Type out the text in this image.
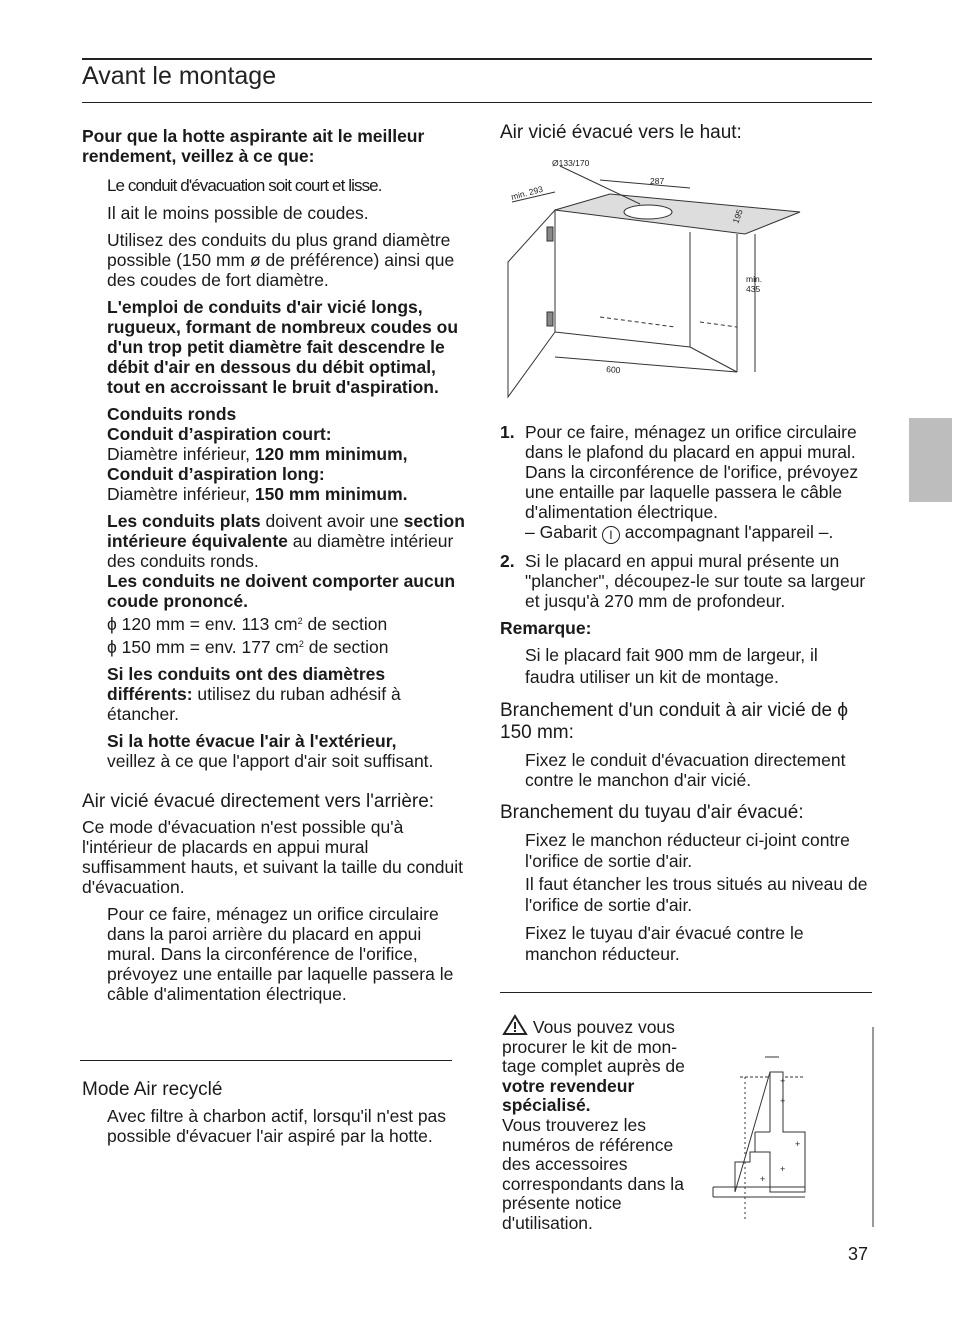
Avant le montage

Pour que la hotte aspirante ait le meilleur rendement, veillez à ce que:

Le conduit d'évacuation soit court et lisse.

Il ait le moins possible de coudes.

Utilisez des conduits du plus grand diamètre possible (150 mm ø de préférence) ainsi que des coudes de fort diamètre.

L'emploi de conduits d'air vicié longs, rugueux, formant de nombreux coudes ou d'un trop petit diamètre fait descendre le débit d'air en dessous du débit optimal, tout en accroissant le bruit d'aspiration.

Conduits ronds
Conduit d’aspiration court:
Diamètre inférieur, 120 mm minimum,
Conduit d’aspiration long:
Diamètre inférieur, 150 mm minimum.
Les conduits plats doivent avoir une section intérieure équivalente au diamètre intérieur des conduits ronds.
Les conduits ne doivent comporter aucun coude prononcé.
ϕ 120 mm = env. 113 $cm^2$ de section
ϕ 150 mm = env. 177 $cm^2$ de section

Si les conduits ont des diamètres différents: utilisez du ruban adhésif à étancher.

Si la hotte évacue l'air à l'extérieur,
veillez à ce que l'apport d'air soit suffisant.

Air vicié évacué directement vers l'arrière:

Ce mode d'évacuation n'est possible qu'à l'intérieur de placards en appui mural suffisamment hauts, et suivant la taille du conduit d'évacuation.

Pour ce faire, ménagez un orifice circulaire dans la paroi arrière du placard en appui mural. Dans la circonférence de l'orifice, prévoyez une entaille par laquelle passera le câble d'alimentation électrique.

Mode Air recyclé

Avec filtre à charbon actif, lorsqu'il n'est pas possible d'évacuer l'air aspiré par la hotte.

Air vicié évacué vers le haut:

Ø133/170
287
min. 293
195
min.
435
600
1. Pour ce faire, ménagez un orifice circulaire dans le plafond du placard en appui mural. Dans la circonférence de l'orifice, prévoyez une entaille par laquelle passera le câble d'alimentation électrique.
– Gabarit I accompagnant l'appareil –.
2. Si le placard en appui mural présente un "plancher", découpez-le sur toute sa largeur et jusqu'à 270 mm de profondeur.

Remarque:

Si le placard fait 900 mm de largeur, il faudra utiliser un kit de montage.

Branchement d'un conduit à air vicié de ϕ 150 mm:

Fixez le conduit d'évacuation directement contre le manchon d'air vicié.

Branchement du tuyau d'air évacué:

Fixez le manchon réducteur ci-joint contre l'orifice de sortie d'air.

Il faut étancher les trous situés au niveau de l'orifice de sortie d'air.

Fixez le tuyau d'air évacué contre le manchon réducteur.

Vous pouvez vous procurer le kit de montage complet auprès de votre revendeur spécialisé.
Vous trouverez les numéros de référence des accessoires correspondants dans la présente notice d'utilisation.
+
+
+
+
+
37
